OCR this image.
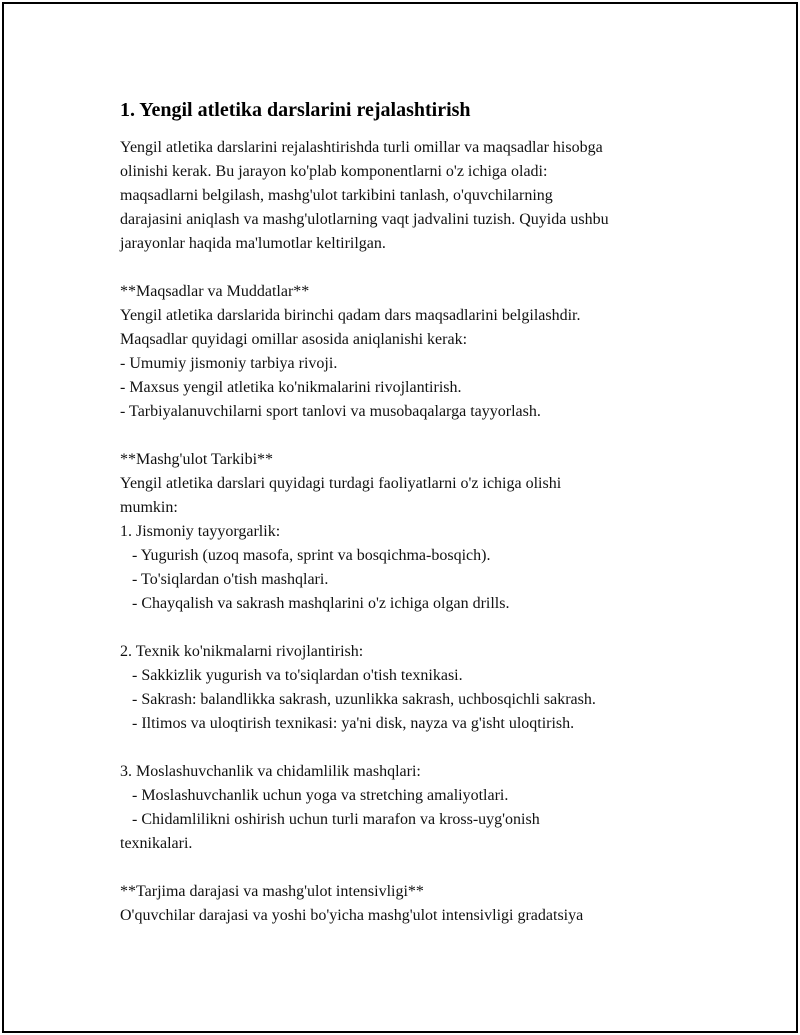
1. Yengil atletika darslarini rejalashtirish

Yengil atletika darslarini rejalashtirishda turli omillar va maqsadlar hisobga

olinishi kerak. Bu jarayon ko'plab komponentlarni o'z ichiga oladi:

maqsadlarni belgilash, mashg'ulot tarkibini tanlash, o'quvchilarning

darajasini aniqlash va mashg'ulotlarning vaqt jadvalini tuzish. Quyida ushbu

jarayonlar haqida ma'lumotlar keltirilgan.

**Maqsadlar va Muddatlar**

Yengil atletika darslarida birinchi qadam dars maqsadlarini belgilashdir.

Maqsadlar quyidagi omillar asosida aniqlanishi kerak:

- Umumiy jismoniy tarbiya rivoji.

- Maxsus yengil atletika ko'nikmalarini rivojlantirish.

- Tarbiyalanuvchilarni sport tanlovi va musobaqalarga tayyorlash.

**Mashg'ulot Tarkibi**

Yengil atletika darslari quyidagi turdagi faoliyatlarni o'z ichiga olishi

mumkin:

1. Jismoniy tayyorgarlik:

- Yugurish (uzoq masofa, sprint va bosqichma-bosqich).

- To'siqlardan o'tish mashqlari.

- Chayqalish va sakrash mashqlarini o'z ichiga olgan drills.

2. Texnik ko'nikmalarni rivojlantirish:

- Sakkizlik yugurish va to'siqlardan o'tish texnikasi.

- Sakrash: balandlikka sakrash, uzunlikka sakrash, uchbosqichli sakrash.

- Iltimos va uloqtirish texnikasi: ya'ni disk, nayza va g'isht uloqtirish.

3. Moslashuvchanlik va chidamlilik mashqlari:

- Moslashuvchanlik uchun yoga va stretching amaliyotlari.

- Chidamlilikni oshirish uchun turli marafon va kross-uyg'onish

texnikalari.

**Tarjima darajasi va mashg'ulot intensivligi**

O'quvchilar darajasi va yoshi bo'yicha mashg'ulot intensivligi gradatsiya
